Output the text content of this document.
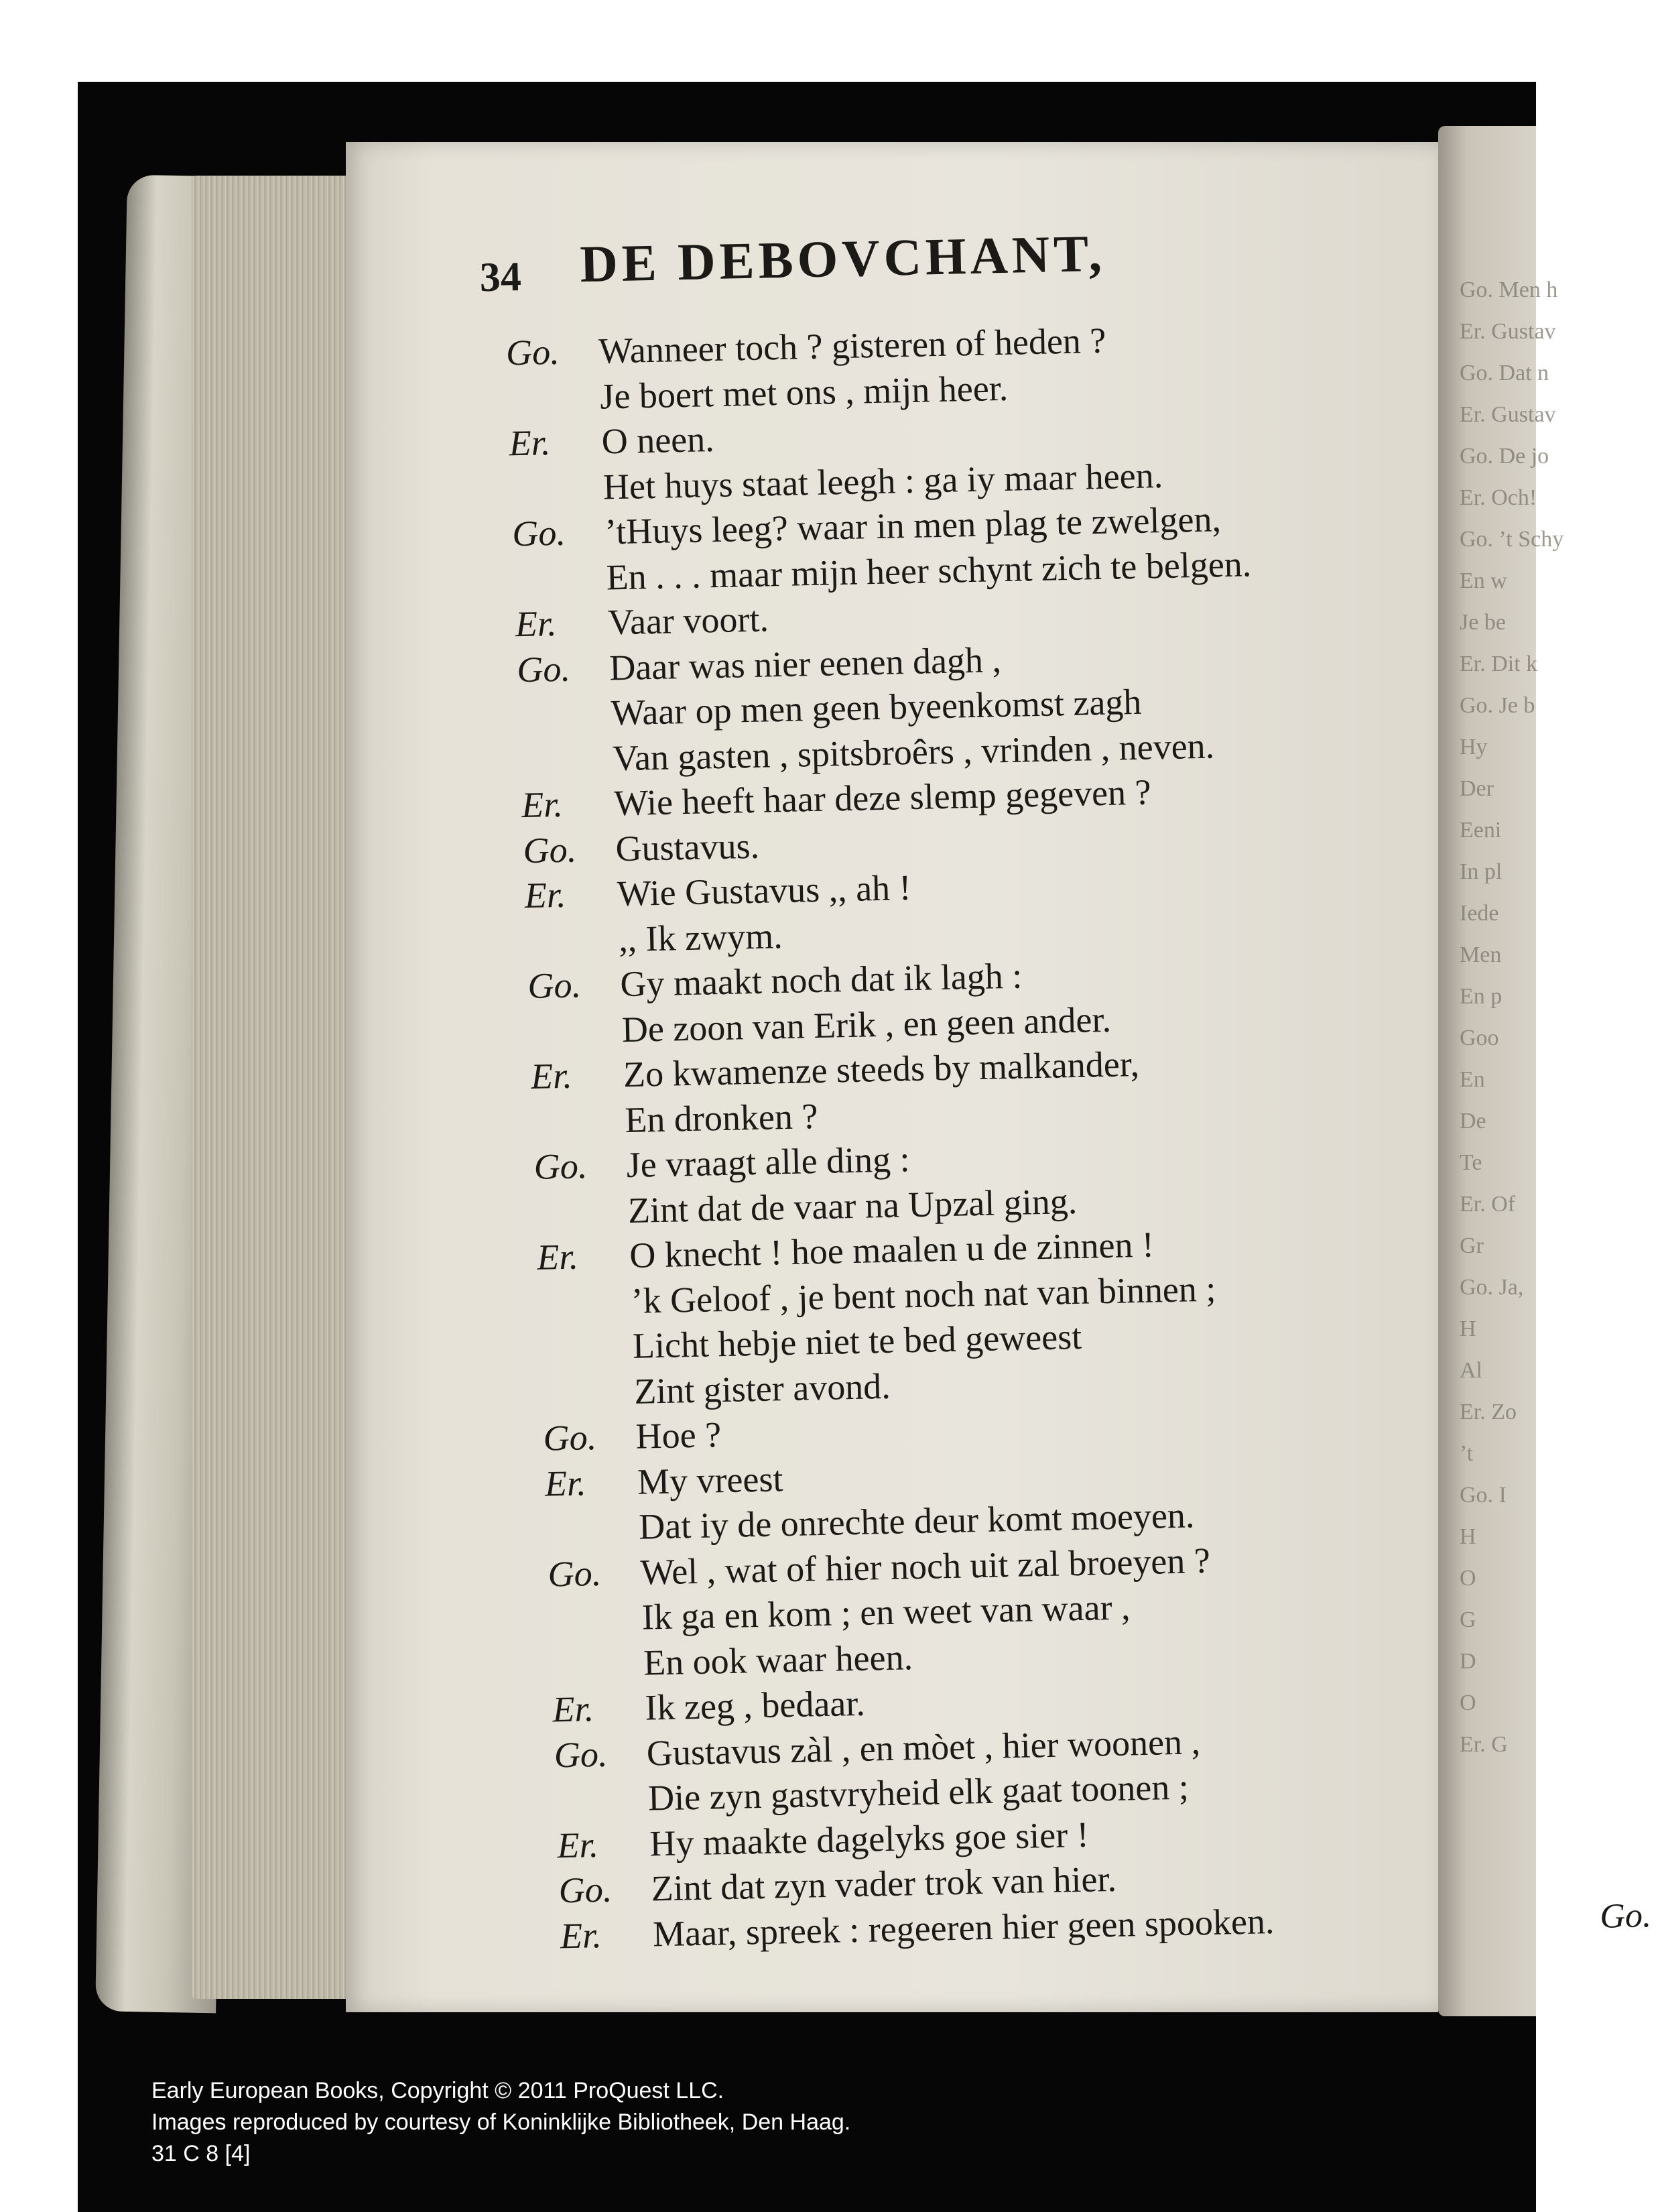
Go. Men h
Er. Gustav
Go. Dat n
Er. Gustav
Go. De jo
Er. Och!
Go. ’t Schy
En w
Je be
Er. Dit k
Go. Je b
Hy
Der
Eeni
In pl
Iede
Men
En p
Goo
En
De
Te
Er. Of
Gr
Go. Ja,
H
Al
Er. Zo
’t
Go. I
H
O
G
D
O
Er. G
34 DE DEBOVCHANT,
Go.	Wanneer toch ? gisteren of heden ?
Je boert met ons , mijn heer.
Er.	O neen.
Het huys staat leegh : ga iy maar heen.
Go.	’tHuys leeg? waar in men plag te zwelgen,
En . . . maar mijn heer schynt zich te belgen.
Er.	Vaar voort.
Go.	Daar was nier eenen dagh ,
Waar op men geen byeenkomst zagh
Van gasten , spitsbroêrs , vrinden , neven.
Er.	Wie heeft haar deze slemp gegeven ?
Go.	Gustavus.
Er.	Wie Gustavus ,, ah !
,, Ik zwym.
Go.	Gy maakt noch dat ik lagh :
De zoon van Erik , en geen ander.
Er.	Zo kwamenze steeds by malkander,
En dronken ?
Go.	Je vraagt alle ding :
Zint dat de vaar na Upzal ging.
Er.	O knecht ! hoe maalen u de zinnen !
’k Geloof , je bent noch nat van binnen ;
Licht hebje niet te bed geweest
Zint gister avond.
Go.	Hoe ?
Er.	My vreest
Dat iy de onrechte deur komt moeyen.
Go.	Wel , wat of hier noch uit zal broeyen ?
Ik ga en kom ; en weet van waar ,
En ook waar heen.
Er.	Ik zeg , bedaar.
Go.	Gustavus zàl , en mòet , hier woonen ,
Die zyn gastvryheid elk gaat toonen ;
Er.	Hy maakte dagelyks goe sier !
Go.	Zint dat zyn vader trok van hier.
Er.	Maar, spreek : regeeren hier geen spooken.	Go.
Early European Books, Copyright © 2011 ProQuest LLC.
Images reproduced by courtesy of Koninklijke Bibliotheek, Den Haag.
31 C 8 [4]
